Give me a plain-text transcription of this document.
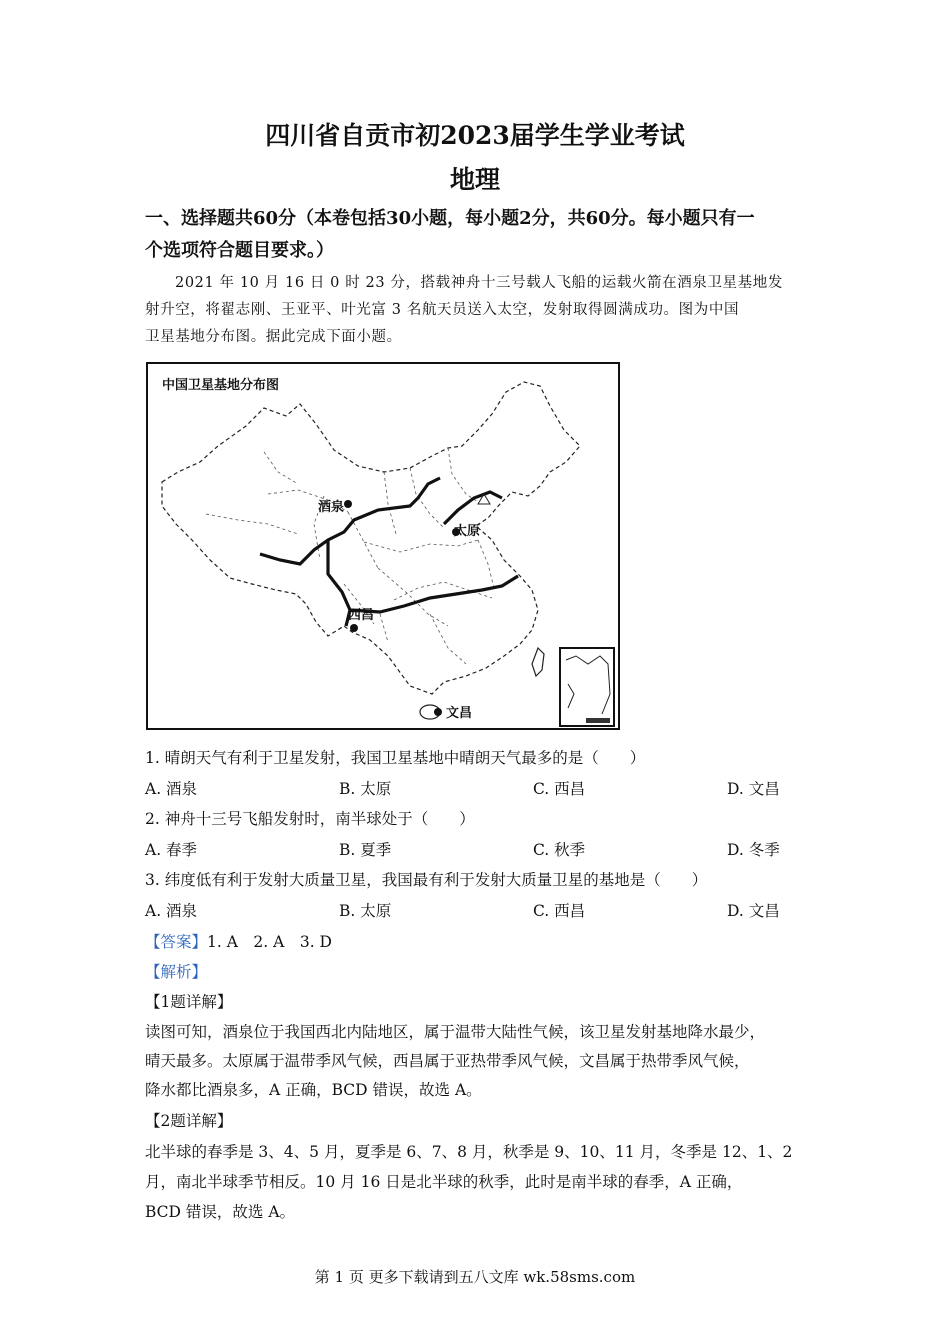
四川省自贡市初2023届学生学业考试
地理
一、选择题共60分（本卷包括30小题，每小题2分，共60分。每小题只有一
个选项符合题目要求。）
2021 年 10 月 16 日 0 时 23 分，搭载神舟十三号载人飞船的运载火箭在酒泉卫星基地发
射升空，将翟志刚、王亚平、叶光富 3 名航天员送入太空，发射取得圆满成功。图为中国
卫星基地分布图。据此完成下面小题。
中国卫星基地分布图
酒泉
太原
西昌
文昌
1. 晴朗天气有利于卫星发射，我国卫星基地中晴朗天气最多的是（　　）
A. 酒泉	B. 太原	C. 西昌	D. 文昌
2. 神舟十三号飞船发射时，南半球处于（　　）
A. 春季	B. 夏季	C. 秋季	D. 冬季
3. 纬度低有利于发射大质量卫星，我国最有利于发射大质量卫星的基地是（　　）
A. 酒泉	B. 太原	C. 西昌	D. 文昌
【答案】1. A　2. A　3. D
【解析】
【1题详解】
读图可知，酒泉位于我国西北内陆地区，属于温带大陆性气候，该卫星发射基地降水最少，
晴天最多。太原属于温带季风气候，西昌属于亚热带季风气候，文昌属于热带季风气候，
降水都比酒泉多，A 正确，BCD 错误，故选 A。
【2题详解】
北半球的春季是 3、4、5 月，夏季是 6、7、8 月，秋季是 9、10、11 月，冬季是 12、1、2
月，南北半球季节相反。10 月 16 日是北半球的秋季，此时是南半球的春季，A 正确，
BCD 错误，故选 A。
第 1 页 更多下载请到五八文库 wk.58sms.com
